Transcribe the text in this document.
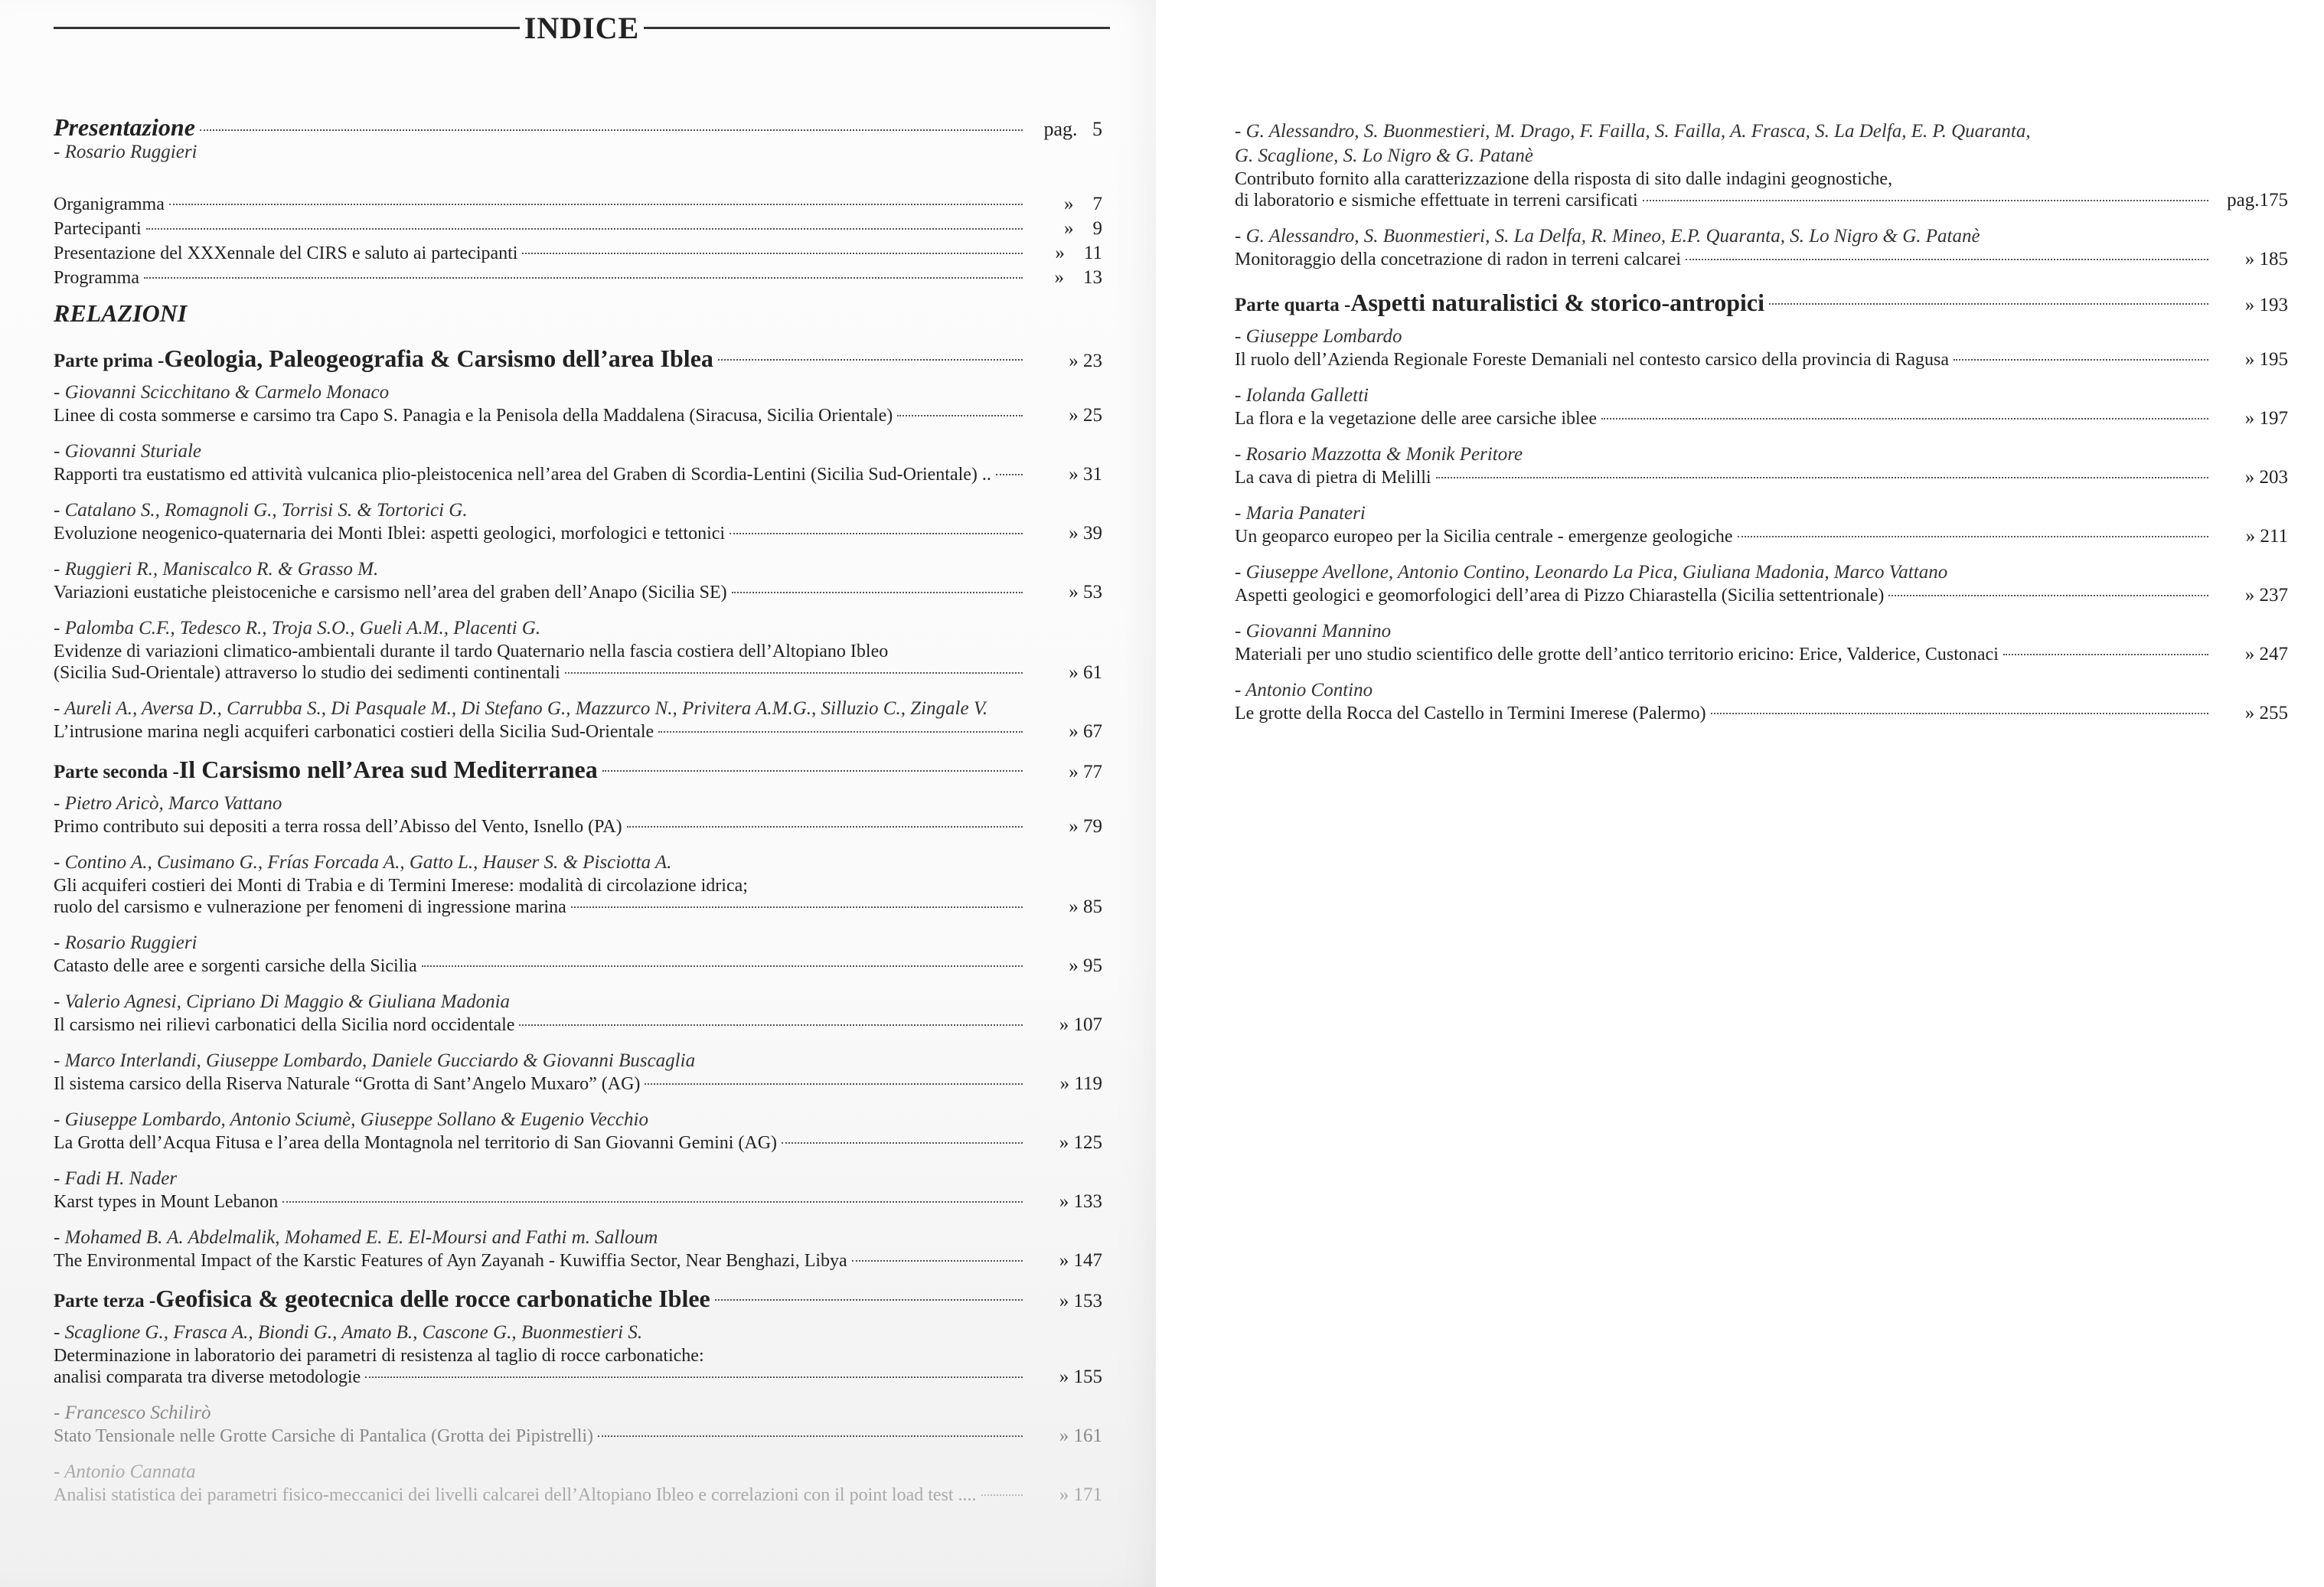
INDICE
Presentazione	pag. 5
- Rosario Ruggieri
Organigramma	» 7
Partecipanti	» 9
Presentazione del XXXennale del CIRS e saluto ai partecipanti	» 11
Programma	» 13
RELAZIONI
Parte prima - Geologia, Paleogeografia & Carsismo dell’area Iblea	» 23
- Giovanni Scicchitano & Carmelo Monaco
Linee di costa sommerse e carsimo tra Capo S. Panagia e la Penisola della Maddalena (Siracusa, Sicilia Orientale)	» 25
- Giovanni Sturiale
Rapporti tra eustatismo ed attività vulcanica plio-pleistocenica nell’area del Graben di Scordia-Lentini (Sicilia Sud-Orientale) ..	» 31
- Catalano S., Romagnoli G., Torrisi S. & Tortorici G.
Evoluzione neogenico-quaternaria dei Monti Iblei: aspetti geologici, morfologici e tettonici	» 39
- Ruggieri R., Maniscalco R. & Grasso M.
Variazioni eustatiche pleistoceniche e carsismo nell’area del graben dell’Anapo (Sicilia SE)	» 53
- Palomba C.F., Tedesco R., Troja S.O., Gueli A.M., Placenti G.
Evidenze di variazioni climatico-ambientali durante il tardo Quaternario nella fascia costiera dell’Altopiano Ibleo
(Sicilia Sud-Orientale) attraverso lo studio dei sedimenti continentali	» 61
- Aureli A., Aversa D., Carrubba S., Di Pasquale M., Di Stefano G., Mazzurco N., Privitera A.M.G., Silluzio C., Zingale V.
L’intrusione marina negli acquiferi carbonatici costieri della Sicilia Sud-Orientale	» 67
Parte seconda - Il Carsismo nell’Area sud Mediterranea	» 77
- Pietro Aricò, Marco Vattano
Primo contributo sui depositi a terra rossa dell’Abisso del Vento, Isnello (PA)	» 79
- Contino A., Cusimano G., Frías Forcada A., Gatto L., Hauser S. & Pisciotta A.
Gli acquiferi costieri dei Monti di Trabia e di Termini Imerese: modalità di circolazione idrica;
ruolo del carsismo e vulnerazione per fenomeni di ingressione marina	» 85
- Rosario Ruggieri
Catasto delle aree e sorgenti carsiche della Sicilia	» 95
- Valerio Agnesi, Cipriano Di Maggio & Giuliana Madonia
Il carsismo nei rilievi carbonatici della Sicilia nord occidentale	» 107
- Marco Interlandi, Giuseppe Lombardo, Daniele Gucciardo & Giovanni Buscaglia
Il sistema carsico della Riserva Naturale “Grotta di Sant’Angelo Muxaro” (AG)	» 119
- Giuseppe Lombardo, Antonio Sciumè, Giuseppe Sollano & Eugenio Vecchio
La Grotta dell’Acqua Fitusa e l’area della Montagnola nel territorio di San Giovanni Gemini (AG)	» 125
- Fadi H. Nader
Karst types in Mount Lebanon	» 133
- Mohamed B. A. Abdelmalik, Mohamed E. E. El-Moursi and Fathi m. Salloum
The Environmental Impact of the Karstic Features of Ayn Zayanah - Kuwiffia Sector, Near Benghazi, Libya	» 147
Parte terza - Geofisica & geotecnica delle rocce carbonatiche Iblee	» 153
- Scaglione G., Frasca A., Biondi G., Amato B., Cascone G., Buonmestieri S.
Determinazione in laboratorio dei parametri di resistenza al taglio di rocce carbonatiche:
analisi comparata tra diverse metodologie	» 155
- Francesco Schilirò
Stato Tensionale nelle Grotte Carsiche di Pantalica (Grotta dei Pipistrelli)	» 161
- Antonio Cannata
Analisi statistica dei parametri fisico-meccanici dei livelli calcarei dell’Altopiano Ibleo e correlazioni con il point load test ....	» 171
- G. Alessandro, S. Buonmestieri, M. Drago, F. Failla, S. Failla, A. Frasca, S. La Delfa, E. P. Quaranta,
G. Scaglione, S. Lo Nigro & G. Patanè
Contributo fornito alla caratterizzazione della risposta di sito dalle indagini geognostiche,
di laboratorio e sismiche effettuate in terreni carsificati	pag.175
- G. Alessandro, S. Buonmestieri, S. La Delfa, R. Mineo, E.P. Quaranta, S. Lo Nigro & G. Patanè
Monitoraggio della concetrazione di radon in terreni calcarei	» 185
Parte quarta - Aspetti naturalistici & storico-antropici	» 193
- Giuseppe Lombardo
Il ruolo dell’Azienda Regionale Foreste Demaniali nel contesto carsico della provincia di Ragusa	» 195
- Iolanda Galletti
La flora e la vegetazione delle aree carsiche iblee	» 197
- Rosario Mazzotta & Monik Peritore
La cava di pietra di Melilli	» 203
- Maria Panateri
Un geoparco europeo per la Sicilia centrale - emergenze geologiche	» 211
- Giuseppe Avellone, Antonio Contino, Leonardo La Pica, Giuliana Madonia, Marco Vattano
Aspetti geologici e geomorfologici dell’area di Pizzo Chiarastella (Sicilia settentrionale)	» 237
- Giovanni Mannino
Materiali per uno studio scientifico delle grotte dell’antico territorio ericino: Erice, Valderice, Custonaci	» 247
- Antonio Contino
Le grotte della Rocca del Castello in Termini Imerese (Palermo)	» 255
